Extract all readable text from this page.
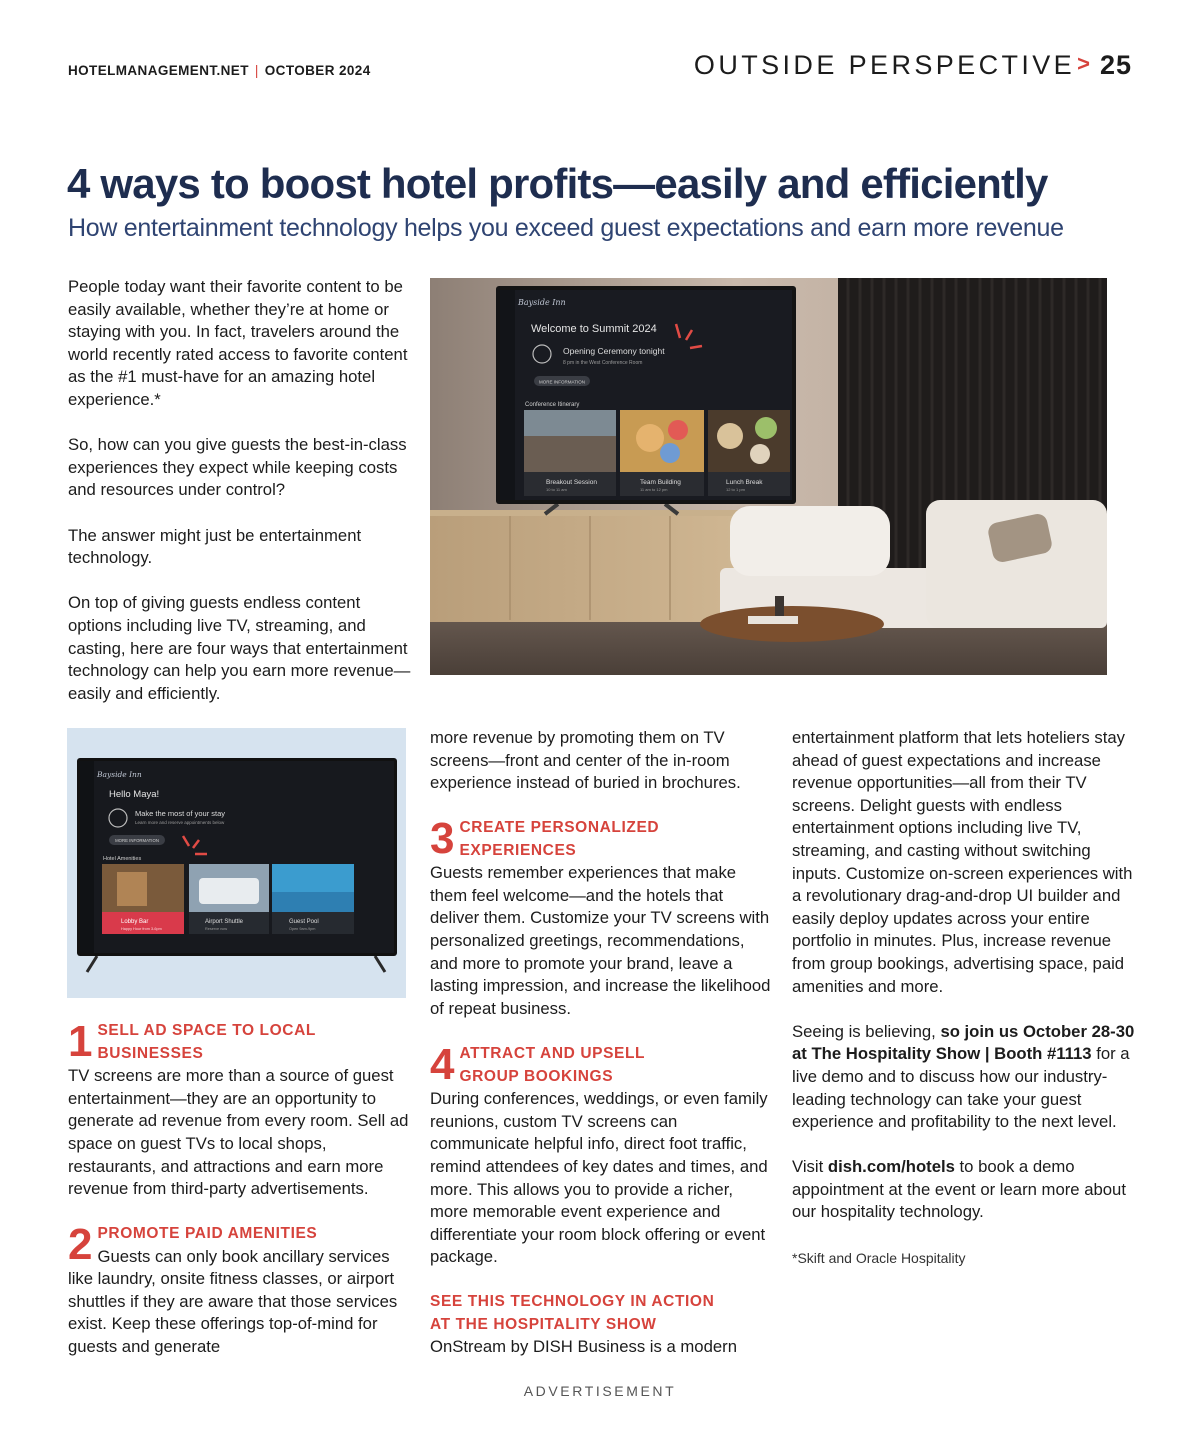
HOTELMANAGEMENT.NET | OCTOBER 2024	OUTSIDE PERSPECTIVE> 25
4 ways to boost hotel profits—easily and efficiently
How entertainment technology helps you exceed guest expectations and earn more revenue

People today want their favorite content to be easily available, whether they’re at home or staying with you. In fact, travelers around the world recently rated access to favorite content as the #1 must-have for an amazing hotel experience.*

So, how can you give guests the best-in-class experiences they expect while keeping costs and resources under control?

The answer might just be entertainment technology.

On top of giving guests endless content options including live TV, streaming, and casting, here are four ways that entertainment technology can help you earn more revenue—easily and efficiently.

Bayside Inn
Welcome to Summit 2024
Opening Ceremony tonight
8 pm in the West Conference Room
MORE INFORMATION
Conference Itinerary
Breakout Session
10 to 11 am
Team Building
11 am to 12 pm
Lunch Break
12 to 1 pm
Bayside Inn
Hello Maya!
Make the most of your stay
Learn more and reserve appointments below
MORE INFORMATION
Hotel Amenities
Lobby Bar
Happy Hour from 3-6pm
Airport Shuttle
Reserve now
Guest Pool
Open 9am-9pm
1 SELL AD SPACE TO LOCAL BUSINESSES
TV screens are more than a source of guest entertainment—they are an opportunity to generate ad revenue from every room. Sell ad space on guest TVs to local shops, restaurants, and attractions and earn more revenue from third-party advertisements.
2 PROMOTE PAID AMENITIES
Guests can only book ancillary services
like laundry, onsite fitness classes, or airport shuttles if they are aware that those services exist. Keep these offerings top-of-mind for guests and generate
more revenue by promoting them on TV screens—front and center of the in-room experience instead of buried in brochures.
3 CREATE PERSONALIZED EXPERIENCES
Guests remember experiences that make them feel welcome—and the hotels that deliver them. Customize your TV screens with personalized greetings, recommendations, and more to promote your brand, leave a lasting impression, and increase the likelihood of repeat business.
4 ATTRACT AND UPSELL GROUP BOOKINGS
During conferences, weddings, or even family reunions, custom TV screens can communicate helpful info, direct foot traffic, remind attendees of key dates and times, and more. This allows you to provide a richer, more memorable event experience and differentiate your room block offering or event package.
SEE THIS TECHNOLOGY IN ACTION
AT THE HOSPITALITY SHOW
OnStream by DISH Business is a modern

entertainment platform that lets hoteliers stay ahead of guest expectations and increase revenue opportunities—all from their TV screens. Delight guests with endless entertainment options including live TV, streaming, and casting without switching inputs. Customize on-screen experiences with a revolutionary drag-and-drop UI builder and easily deploy updates across your entire portfolio in minutes. Plus, increase revenue from group bookings, advertising space, paid amenities and more.

Seeing is believing, so join us October 28-30 at The Hospitality Show | Booth #1113 for a live demo and to discuss how our industry-leading technology can take your guest experience and profitability to the next level.

Visit dish.com/hotels to book a demo appointment at the event or learn more about our hospitality technology.

*Skift and Oracle Hospitality
ADVERTISEMENT
